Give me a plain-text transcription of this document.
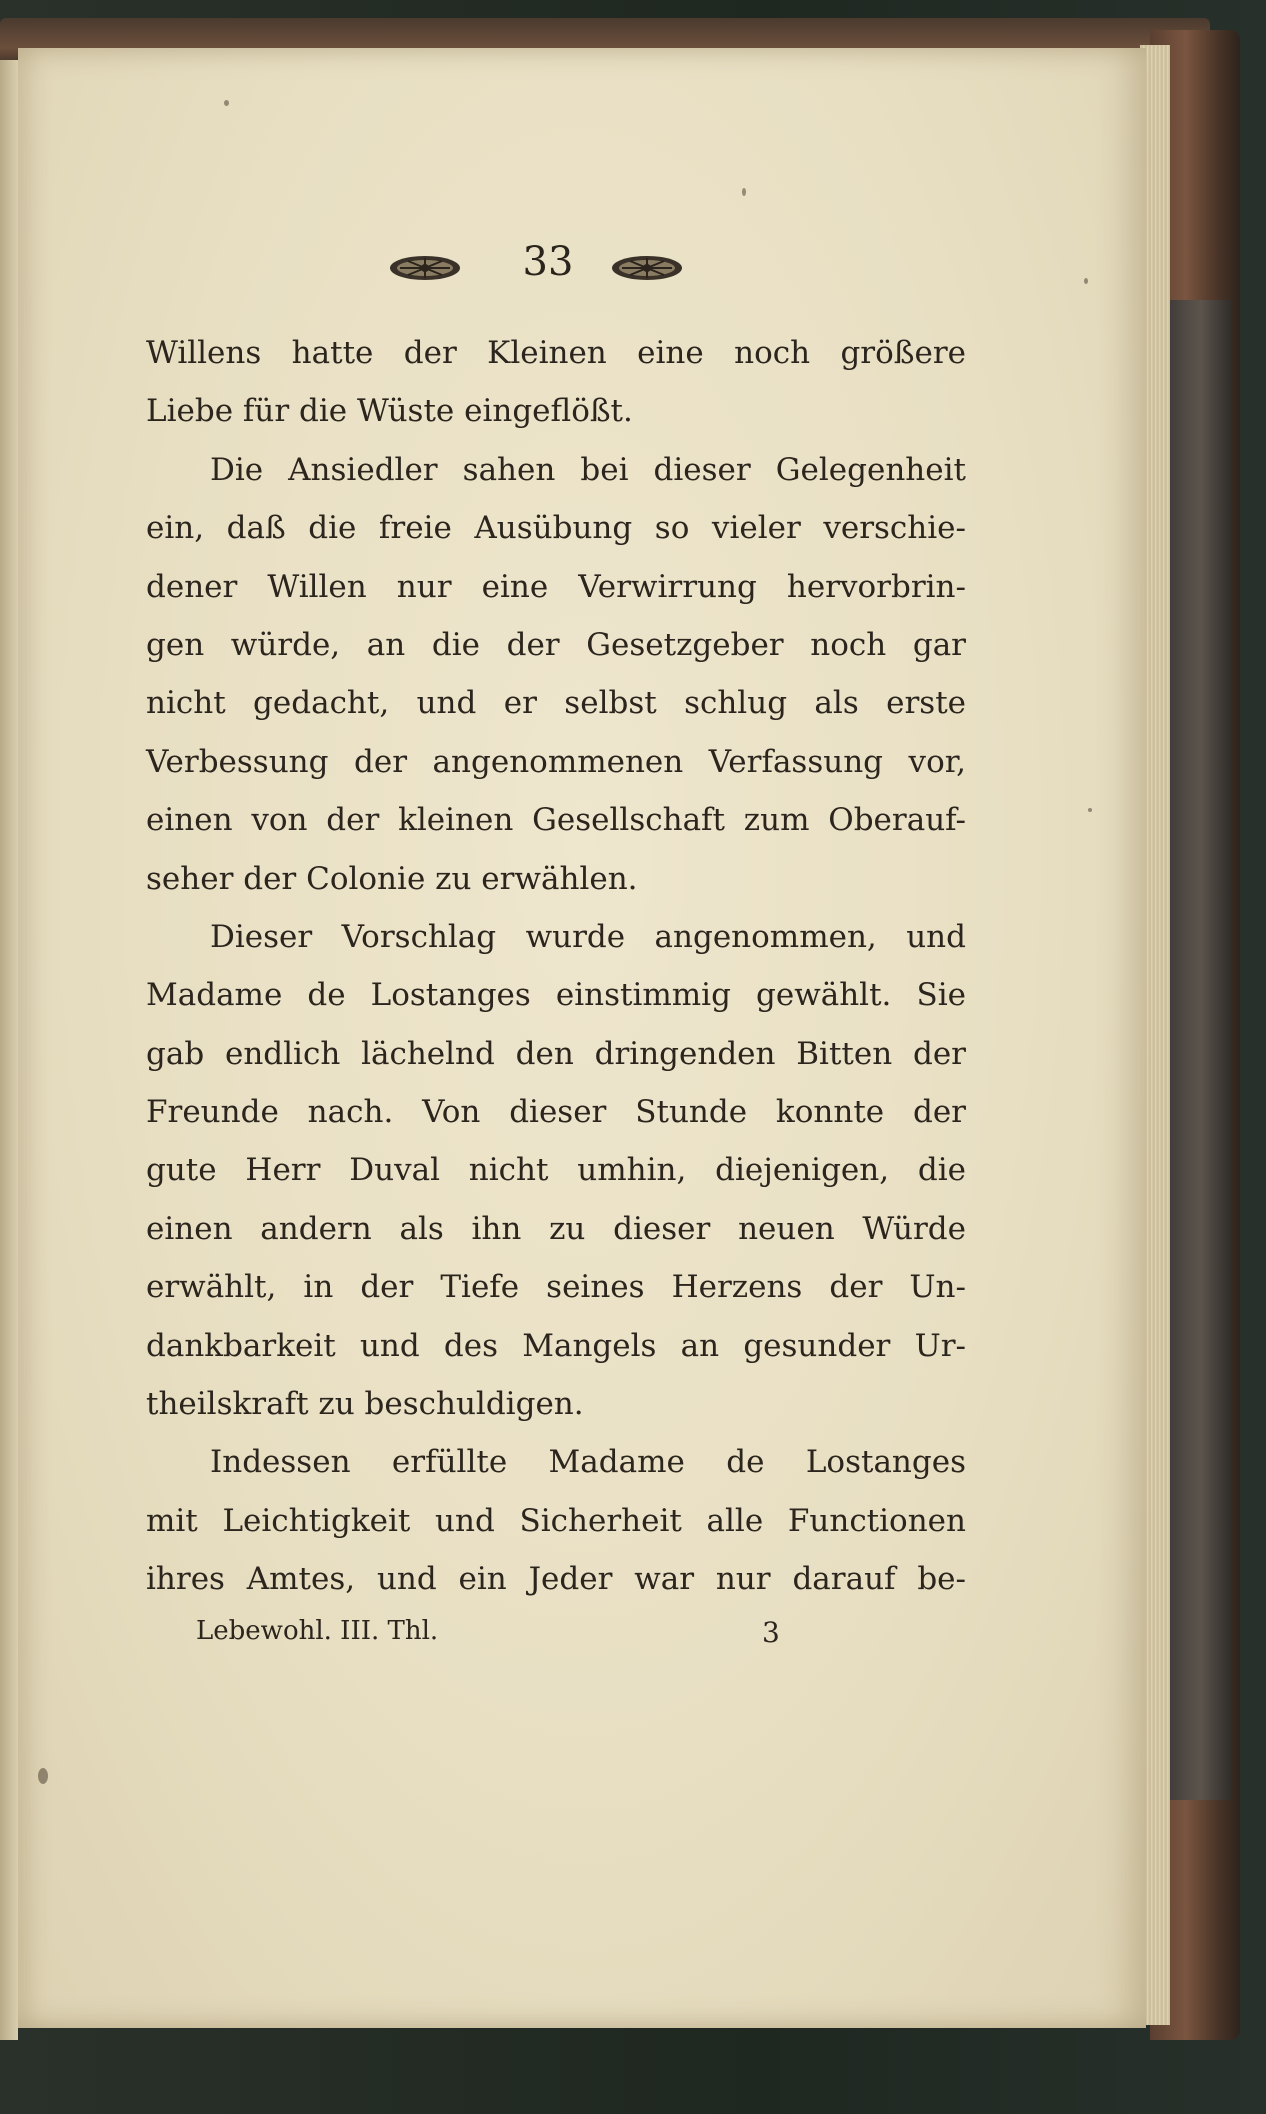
33
Willens hatte der Kleinen eine noch größere
Liebe für die Wüste eingeflößt.
Die Ansiedler sahen bei dieser Gelegenheit
ein, daß die freie Ausübung so vieler verschie-
dener Willen nur eine Verwirrung hervorbrin-
gen würde, an die der Gesetzgeber noch gar
nicht gedacht, und er selbst schlug als erste
Verbessung der angenommenen Verfassung vor,
einen von der kleinen Gesellschaft zum Oberauf-
seher der Colonie zu erwählen.
Dieser Vorschlag wurde angenommen, und
Madame de Lostanges einstimmig gewählt. Sie
gab endlich lächelnd den dringenden Bitten der
Freunde nach. Von dieser Stunde konnte der
gute Herr Duval nicht umhin, diejenigen, die
einen andern als ihn zu dieser neuen Würde
erwählt, in der Tiefe seines Herzens der Un-
dankbarkeit und des Mangels an gesunder Ur-
theilskraft zu beschuldigen.
Indessen erfüllte Madame de Lostanges
mit Leichtigkeit und Sicherheit alle Functionen
ihres Amtes, und ein Jeder war nur darauf be-
Lebewohl. III. Thl.	3
